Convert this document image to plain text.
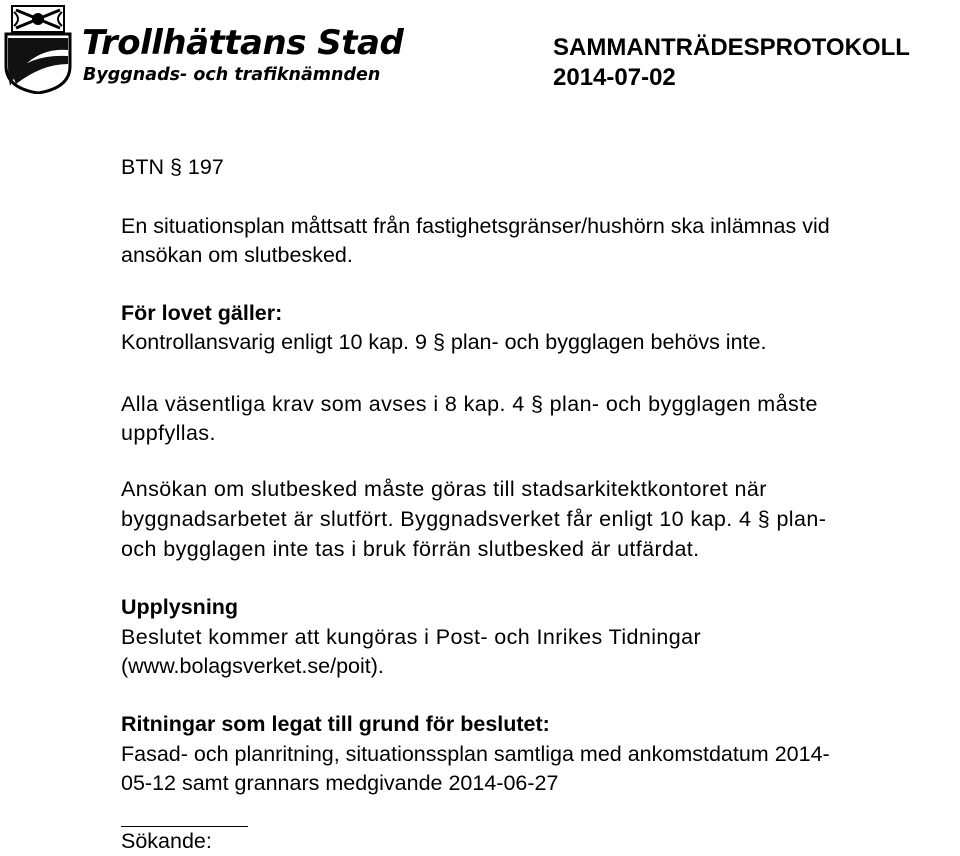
Trollhättans Stad
Byggnads- och trafiknämnden
SAMMANTRÄDESPROTOKOLL
2014-07-02
BTN § 197
En situationsplan måttsatt från fastighetsgränser/hushörn ska inlämnas vid
ansökan om slutbesked.
För lovet gäller:
Kontrollansvarig enligt 10 kap. 9 § plan- och bygglagen behövs inte.
Alla väsentliga krav som avses i 8 kap. 4 § plan- och bygglagen måste
uppfyllas.
Ansökan om slutbesked måste göras till stadsarkitektkontoret när
byggnadsarbetet är slutfört. Byggnadsverket får enligt 10 kap. 4 § plan-
och bygglagen inte tas i bruk förrän slutbesked är utfärdat.
Upplysning
Beslutet kommer att kungöras i Post- och Inrikes Tidningar
(www.bolagsverket.se/poit).
Ritningar som legat till grund för beslutet:
Fasad- och planritning, situationssplan samtliga med ankomstdatum 2014-
05-12 samt grannars medgivande 2014-06-27
Sökande:
